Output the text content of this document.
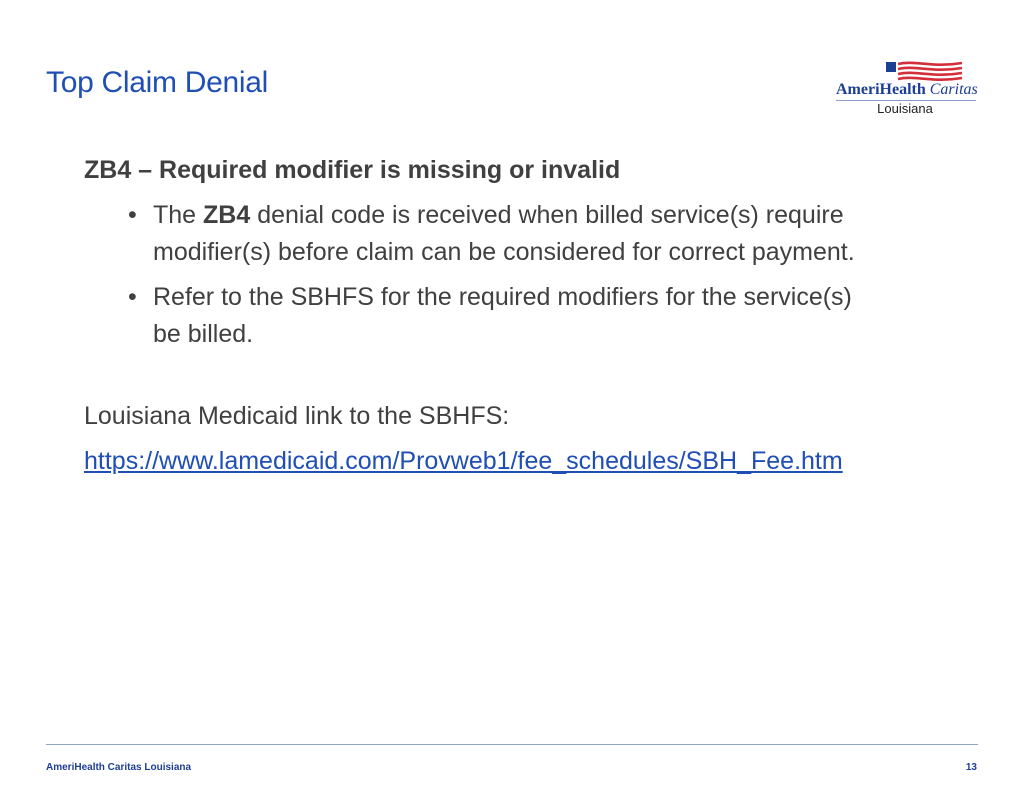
Top Claim Denial	AmeriHealth Caritas
Louisiana

ZB4 – Required modifier is missing or invalid

• The ZB4 denial code is received when billed service(s) require
modifier(s) before claim can be considered for correct payment.
• Refer to the SBHFS for the required modifiers for the service(s)
be billed.
Louisiana Medicaid link to the SBHFS:
https://www.lamedicaid.com/Provweb1/fee_schedules/SBH_Fee.htm
AmeriHealth Caritas Louisiana	13
